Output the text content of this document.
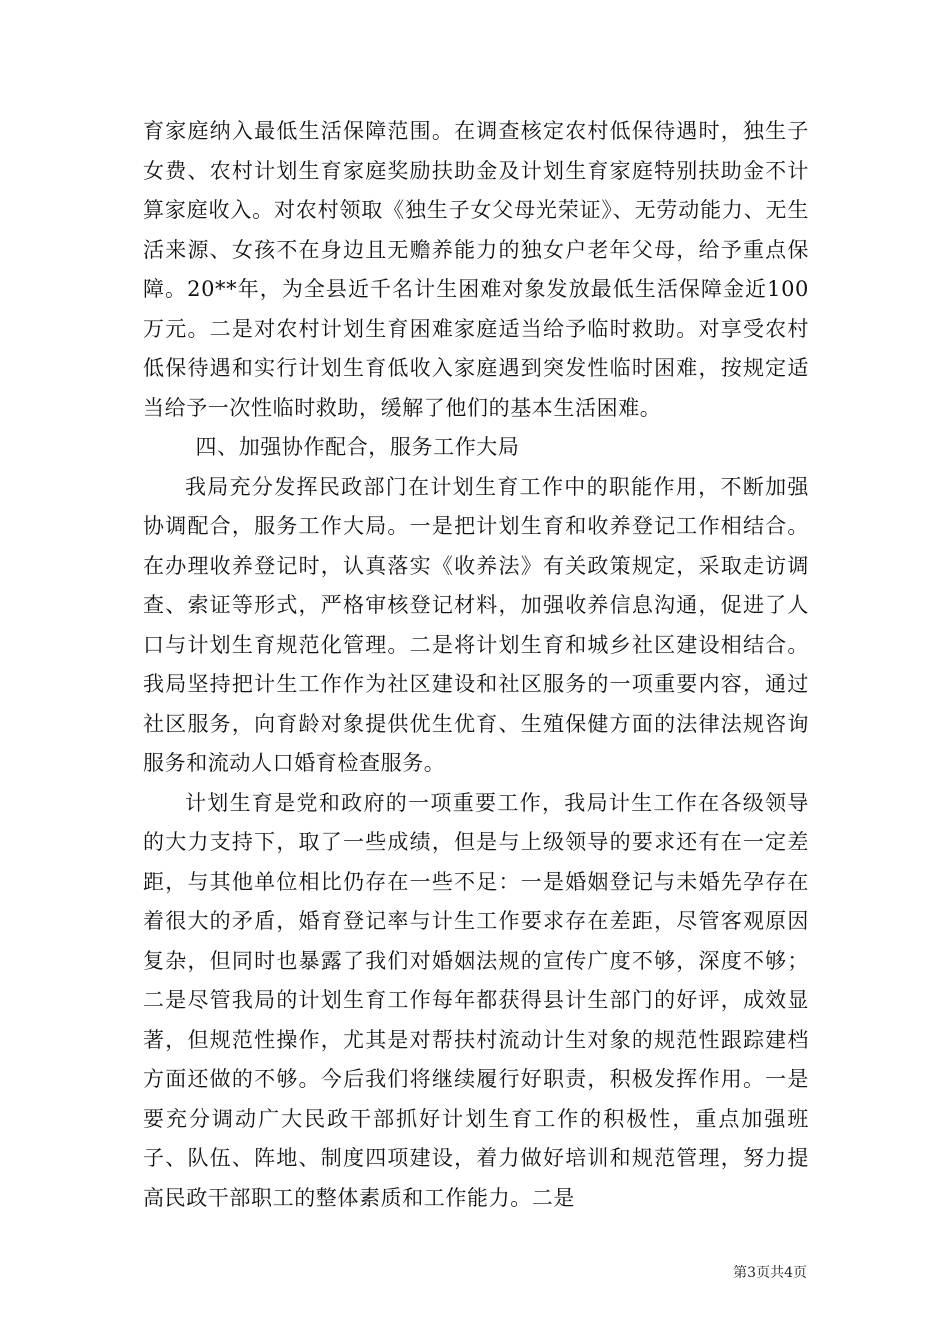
育家庭纳入最低生活保障范围。在调查核定农村低保待遇时，独生子女费、农村计划生育家庭奖励扶助金及计划生育家庭特别扶助金不计算家庭收入。对农村领取《独生子女父母光荣证》、无劳动能力、无生活来源、女孩不在身边且无赡养能力的独女户老年父母，给予重点保障。20**年，为全县近千名计生困难对象发放最低生活保障金近100万元。二是对农村计划生育困难家庭适当给予临时救助。对享受农村低保待遇和实行计划生育低收入家庭遇到突发性临时困难，按规定适当给予一次性临时救助，缓解了他们的基本生活困难。

四、加强协作配合，服务工作大局

我局充分发挥民政部门在计划生育工作中的职能作用，不断加强协调配合，服务工作大局。一是把计划生育和收养登记工作相结合。在办理收养登记时，认真落实《收养法》有关政策规定，采取走访调查、索证等形式，严格审核登记材料，加强收养信息沟通，促进了人口与计划生育规范化管理。二是将计划生育和城乡社区建设相结合。我局坚持把计生工作作为社区建设和社区服务的一项重要内容，通过社区服务，向育龄对象提供优生优育、生殖保健方面的法律法规咨询服务和流动人口婚育检查服务。

计划生育是党和政府的一项重要工作，我局计生工作在各级领导的大力支持下，取了一些成绩，但是与上级领导的要求还有在一定差距，与其他单位相比仍存在一些不足：一是婚姻登记与未婚先孕存在着很大的矛盾，婚育登记率与计生工作要求存在差距，尽管客观原因复杂，但同时也暴露了我们对婚姻法规的宣传广度不够，深度不够；二是尽管我局的计划生育工作每年都获得县计生部门的好评，成效显著，但规范性操作，尤其是对帮扶村流动计生对象的规范性跟踪建档方面还做的不够。今后我们将继续履行好职责，积极发挥作用。一是要充分调动广大民政干部抓好计划生育工作的积极性，重点加强班子、队伍、阵地、制度四项建设，着力做好培训和规范管理，努力提高民政干部职工的整体素质和工作能力。二是

第3页共4页
